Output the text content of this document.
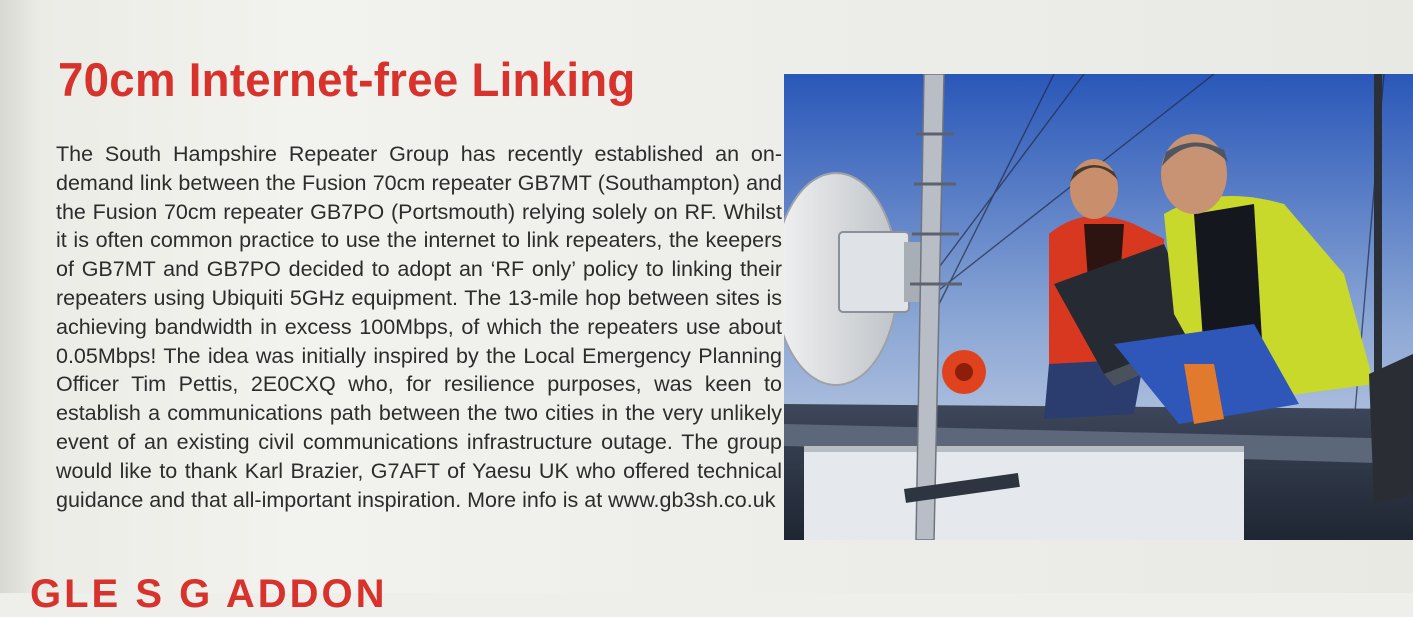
70cm Internet-free Linking

The South Hampshire Repeater Group has recently established an on-demand link between the Fusion 70cm repeater GB7MT (Southampton) and the Fusion 70cm repeater GB7PO (Portsmouth) relying solely on RF. Whilst it is often common practice to use the internet to link repeaters, the keepers of GB7MT and GB7PO decided to adopt an ‘RF only’ policy to linking their repeaters using Ubiquiti 5GHz equipment. The 13-mile hop between sites is achieving bandwidth in excess 100Mbps, of which the repeaters use about 0.05Mbps! The idea was initially inspired by the Local Emergency Planning Officer Tim Pettis, 2E0CXQ who, for resilience purposes, was keen to establish a communications path between the two cities in the very unlikely event of an existing civil communications infrastructure outage. The group would like to thank Karl Brazier, G7AFT of Yaesu UK who offered technical guidance and that all-important inspiration. More info is at www.gb3sh.co.uk

GLE S G ADDON
